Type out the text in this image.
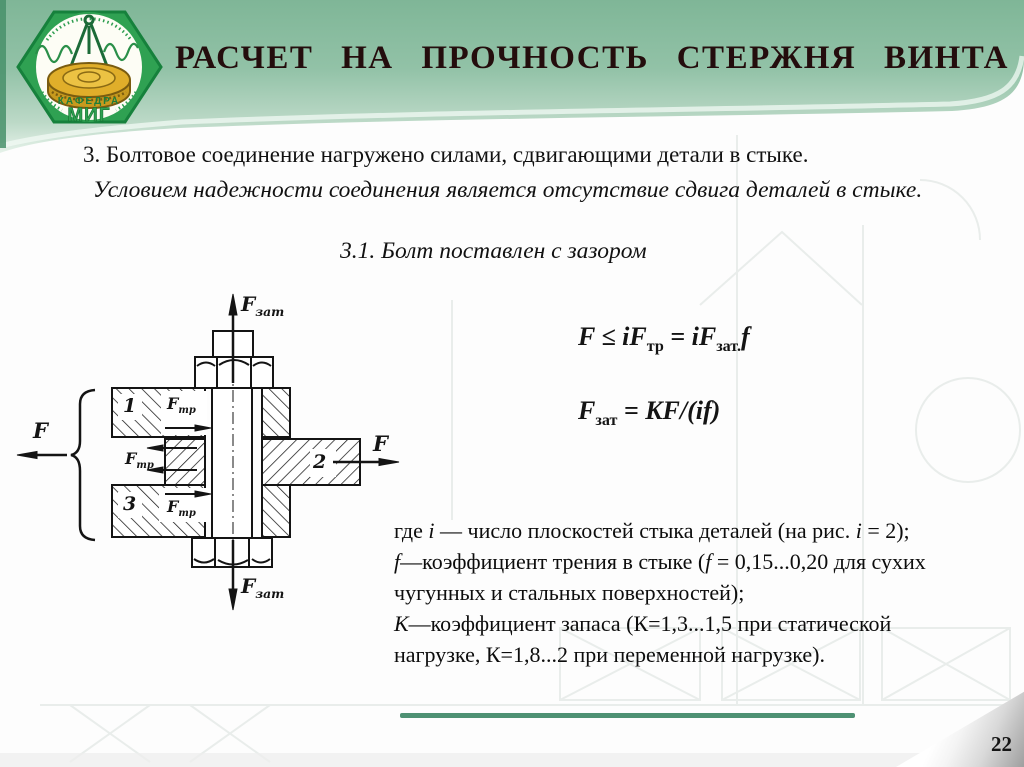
КАФЕДРА
МИГ
РАСЧЕТ НА ПРОЧНОСТЬ СТЕРЖНЯ ВИНТА
3. Болтовое соединение нагружено силами, сдвигающими детали в стыке.
Условием надежности соединения является отсутствие сдвига деталей в стыке.
3.1. Болт поставлен с зазором
$F \le iF_{тр} = iF_{зат.}f$
$F_{зат} = KF/(if)$
$F_{зат}$
$F_{зат}$
F
F
$F_{тр}$
$F_{тр}$
$F_{тр}$
1
2
3
где i — число плоскостей стыка деталей (на рис. i = 2);
f—коэффициент трения в стыке (f = 0,15...0,20 для сухих
чугунных и стальных поверхностей);
К—коэффициент запаса (К=1,3...1,5 при статической
нагрузке, К=1,8...2 при переменной нагрузке).
22
